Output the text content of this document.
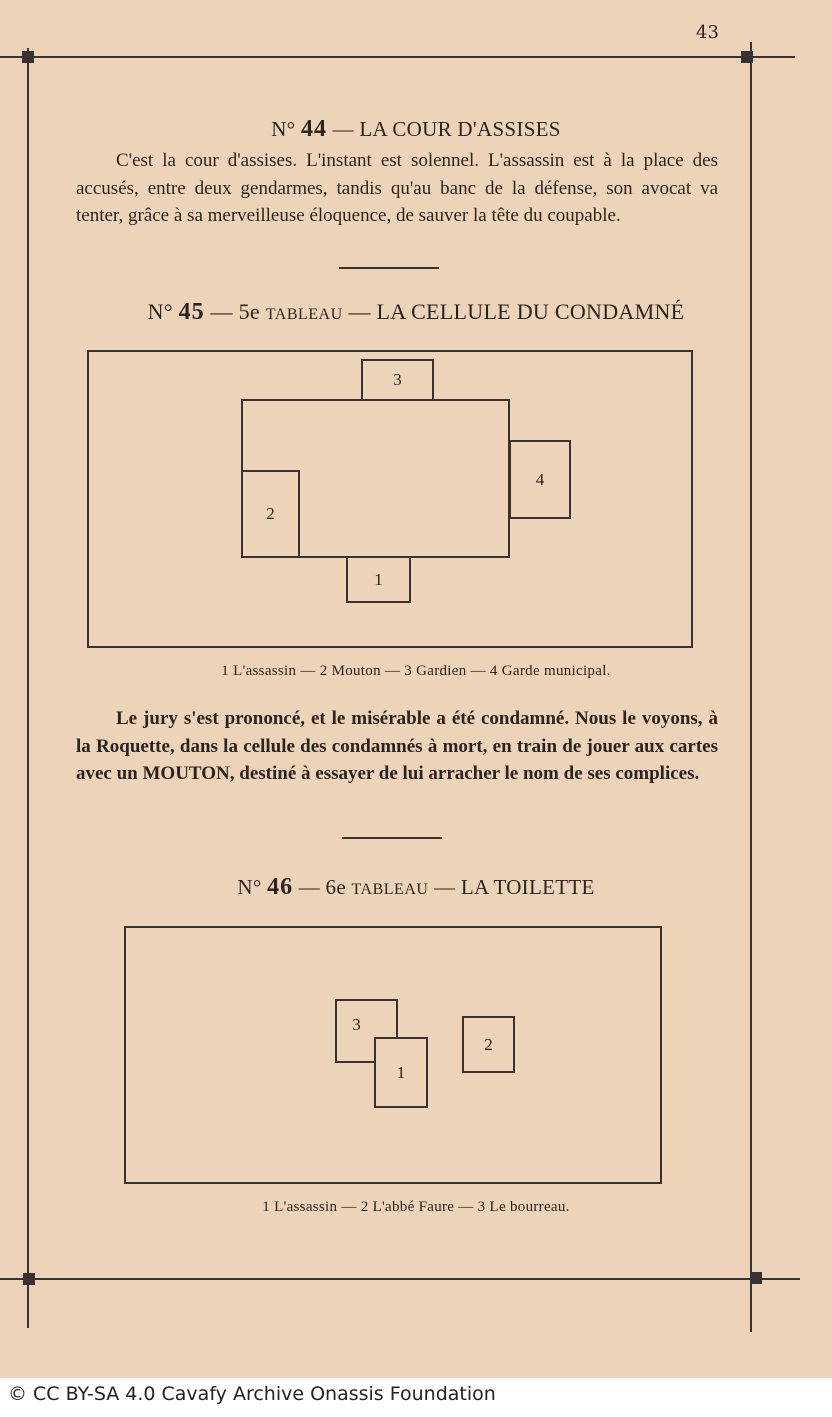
43
N° 44 — LA COUR D'ASSISES
C'est la cour d'assises. L'instant est solennel. L'assassin est à la place des accusés, entre deux gendarmes, tandis qu'au banc de la défense, son avocat va tenter, grâce à sa merveilleuse éloquence, de sauver la tête du coupable.
N° 45 — 5e TABLEAU — LA CELLULE DU CONDAMNÉ
3
2
4
1
1 L'assassin — 2 Mouton — 3 Gardien — 4 Garde municipal.
Le jury s'est prononcé, et le misérable a été condamné. Nous le voyons, à la Roquette, dans la cellule des condamnés à mort, en train de jouer aux cartes avec un MOUTON, destiné à essayer de lui arracher le nom de ses complices.
N° 46 — 6e TABLEAU — LA TOILETTE
3
1
2
1 L'assassin — 2 L'abbé Faure — 3 Le bourreau.
© CC BY-SA 4.0 Cavafy Archive Onassis Foundation
